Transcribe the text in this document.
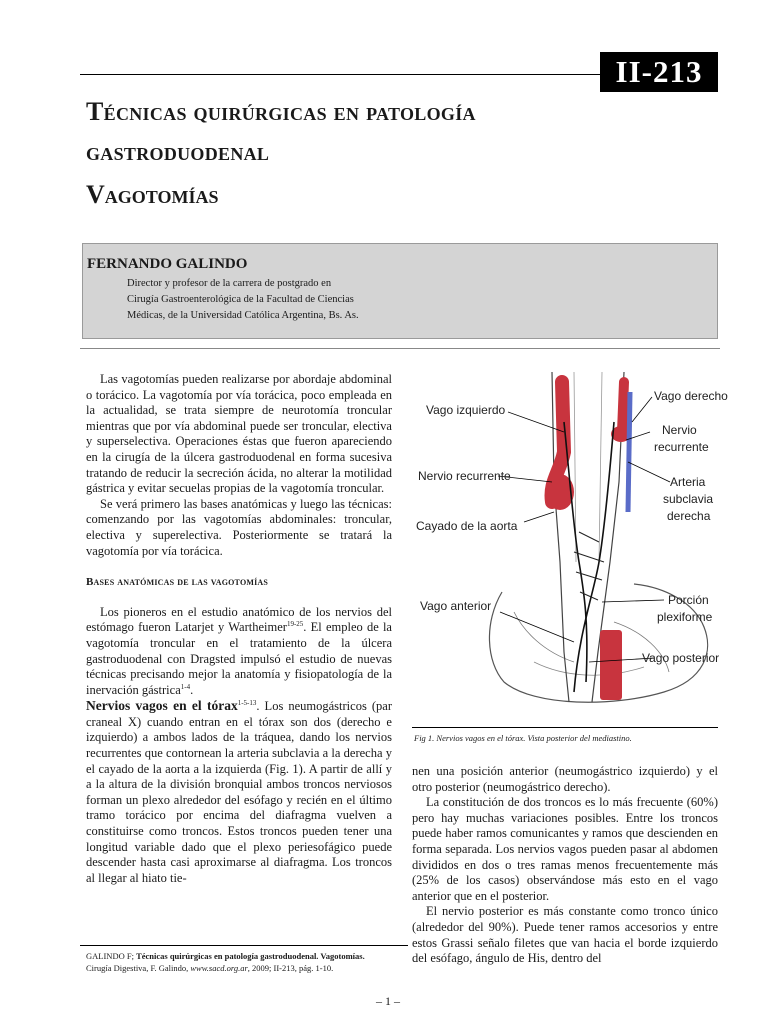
II-213
Técnicas quirúrgicas en patología
gastroduodenal
Vagotomías
FERNANDO GALINDO
Director y profesor de la carrera de postgrado en
Cirugía Gastroenterológica de la Facultad de Ciencias
Médicas, de la Universidad Católica Argentina, Bs. As.

Las vagotomías pueden realizarse por abordaje abdominal o torácico. La vagotomía por vía torácica, poco empleada en la actualidad, se trata siempre de neurotomía troncular mientras que por vía abdominal puede ser troncular, electiva y superselectiva. Operaciones éstas que fueron apareciendo en la cirugía de la úlcera gastroduodenal en forma sucesiva tratando de reducir la secreción ácida, no alterar la motilidad gástrica y evitar secuelas propias de la vagotomía troncular.

Se verá primero las bases anatómicas y luego las técnicas: comenzando por las vagotomías abdominales: troncular, electiva y superelectiva. Posteriormente se tratará la vagotomía por vía torácica.

Bases anatómicas de las vagotomías

Los pioneros en el estudio anatómico de los nervios del estómago fueron Latarjet y Wartheimer$^{19-25}$. El empleo de la vagotomía troncular en el tratamiento de la úlcera gastroduodenal con Dragsted impulsó el estudio de nuevas técnicas precisando mejor la anatomía y fisiopatología de la inervación gástrica$^{1-4}$.

Nervios vagos en el tórax$^{1-5-13}$. Los neumogástricos (par craneal X) cuando entran en el tórax son dos (derecho e izquierdo) a ambos lados de la tráquea, dando los nervios recurrentes que contornean la arteria subclavia a la derecha y el cayado de la aorta a la izquierda (Fig. 1). A partir de allí y a la altura de la división bronquial ambos troncos nerviosos forman un plexo alrededor del esófago y recién en el último tramo torácico por encima del diafragma vuelven a constituirse como troncos. Estos troncos pueden tener una longitud variable dado que el plexo periesofágico puede descender hasta casi aproximarse al diafragma. Los troncos al llegar al hiato tie-

GALINDO F; Técnicas quirúrgicas en patología gastroduodenal. Vagotomías.
Cirugía Digestiva, F. Galindo, www.sacd.org.ar, 2009; II-213, pág. 1-10.
Vago derecho
Vago izquierdo
Nervio
recurrente
Nervio recurrente	Arteria
subclavia
derecha
Cayado de la aorta
Vago anterior	Porción
plexiforme
Vago posterior
Fig 1. Nervios vagos en el tórax. Vista posterior del mediastino.

nen una posición anterior (neumogástrico izquierdo) y el otro posterior (neumogástrico derecho).

La constitución de dos troncos es lo más frecuente (60%) pero hay muchas variaciones posibles. Entre los troncos puede haber ramos comunicantes y ramos que descienden en forma separada. Los nervios vagos pueden pasar al abdomen divididos en dos o tres ramas menos frecuentemente más (25% de los casos) observándose más esto en el vago anterior que en el posterior.

El nervio posterior es más constante como tronco único (alrededor del 90%). Puede tener ramos accesorios y entre estos Grassi señalo filetes que van hacia el borde izquierdo del esófago, ángulo de His, dentro del

– 1 –
